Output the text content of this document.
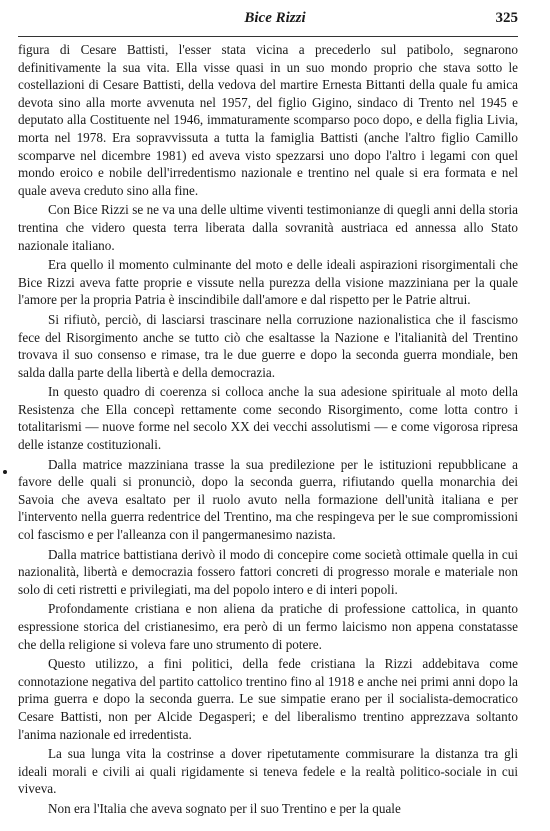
Bice Rizzi	325

figura di Cesare Battisti, l'esser stata vicina a precederlo sul patibolo, segnarono definitivamente la sua vita. Ella visse quasi in un suo mondo proprio che stava sotto le costellazioni di Cesare Battisti, della vedova del martire Ernesta Bittanti della quale fu amica devota sino alla morte avvenuta nel 1957, del figlio Gigino, sindaco di Trento nel 1945 e deputato alla Costituente nel 1946, immaturamente scomparso poco dopo, e della figlia Livia, morta nel 1978. Era sopravvissuta a tutta la famiglia Battisti (anche l'altro figlio Camillo scomparve nel dicembre 1981) ed aveva visto spezzarsi uno dopo l'altro i legami con quel mondo eroico e nobile dell'irredentismo nazionale e trentino nel quale si era formata e nel quale aveva creduto sino alla fine.

Con Bice Rizzi se ne va una delle ultime viventi testimonianze di quegli anni della storia trentina che videro questa terra liberata dalla sovranità austriaca ed annessa allo Stato nazionale italiano.

Era quello il momento culminante del moto e delle ideali aspirazioni risorgimentali che Bice Rizzi aveva fatte proprie e vissute nella purezza della visione mazziniana per la quale l'amore per la propria Patria è inscindibile dall'amore e dal rispetto per le Patrie altrui.

Si rifiutò, perciò, di lasciarsi trascinare nella corruzione nazionalistica che il fascismo fece del Risorgimento anche se tutto ciò che esaltasse la Nazione e l'italianità del Trentino trovava il suo consenso e rimase, tra le due guerre e dopo la seconda guerra mondiale, ben salda dalla parte della libertà e della democrazia.

In questo quadro di coerenza si colloca anche la sua adesione spirituale al moto della Resistenza che Ella concepì rettamente come secondo Risorgimento, come lotta contro i totalitarismi — nuove forme nel secolo XX dei vecchi assolutismi — e come vigorosa ripresa delle istanze costituzionali.

Dalla matrice mazziniana trasse la sua predilezione per le istituzioni repubblicane a favore delle quali si pronunciò, dopo la seconda guerra, rifiutando quella monarchia dei Savoia che aveva esaltato per il ruolo avuto nella formazione dell'unità italiana e per l'intervento nella guerra redentrice del Trentino, ma che respingeva per le sue compromissioni col fascismo e per l'alleanza con il pangermanesimo nazista.

Dalla matrice battistiana derivò il modo di concepire come società ottimale quella in cui nazionalità, libertà e democrazia fossero fattori concreti di progresso morale e materiale non solo di ceti ristretti e privilegiati, ma del popolo intero e di interi popoli.

Profondamente cristiana e non aliena da pratiche di professione cattolica, in quanto espressione storica del cristianesimo, era però di un fermo laicismo non appena constatasse che della religione si voleva fare uno strumento di potere.

Questo utilizzo, a fini politici, della fede cristiana la Rizzi addebitava come connotazione negativa del partito cattolico trentino fino al 1918 e anche nei primi anni dopo la prima guerra e dopo la seconda guerra. Le sue simpatie erano per il socialista-democratico Cesare Battisti, non per Alcide Degasperi; e del liberalismo trentino apprezzava soltanto l'anima nazionale ed irredentista.

La sua lunga vita la costrinse a dover ripetutamente commisurare la distanza tra gli ideali morali e civili ai quali rigidamente si teneva fedele e la realtà politico-sociale in cui viveva.

Non era l'Italia che aveva sognato per il suo Trentino e per la quale
